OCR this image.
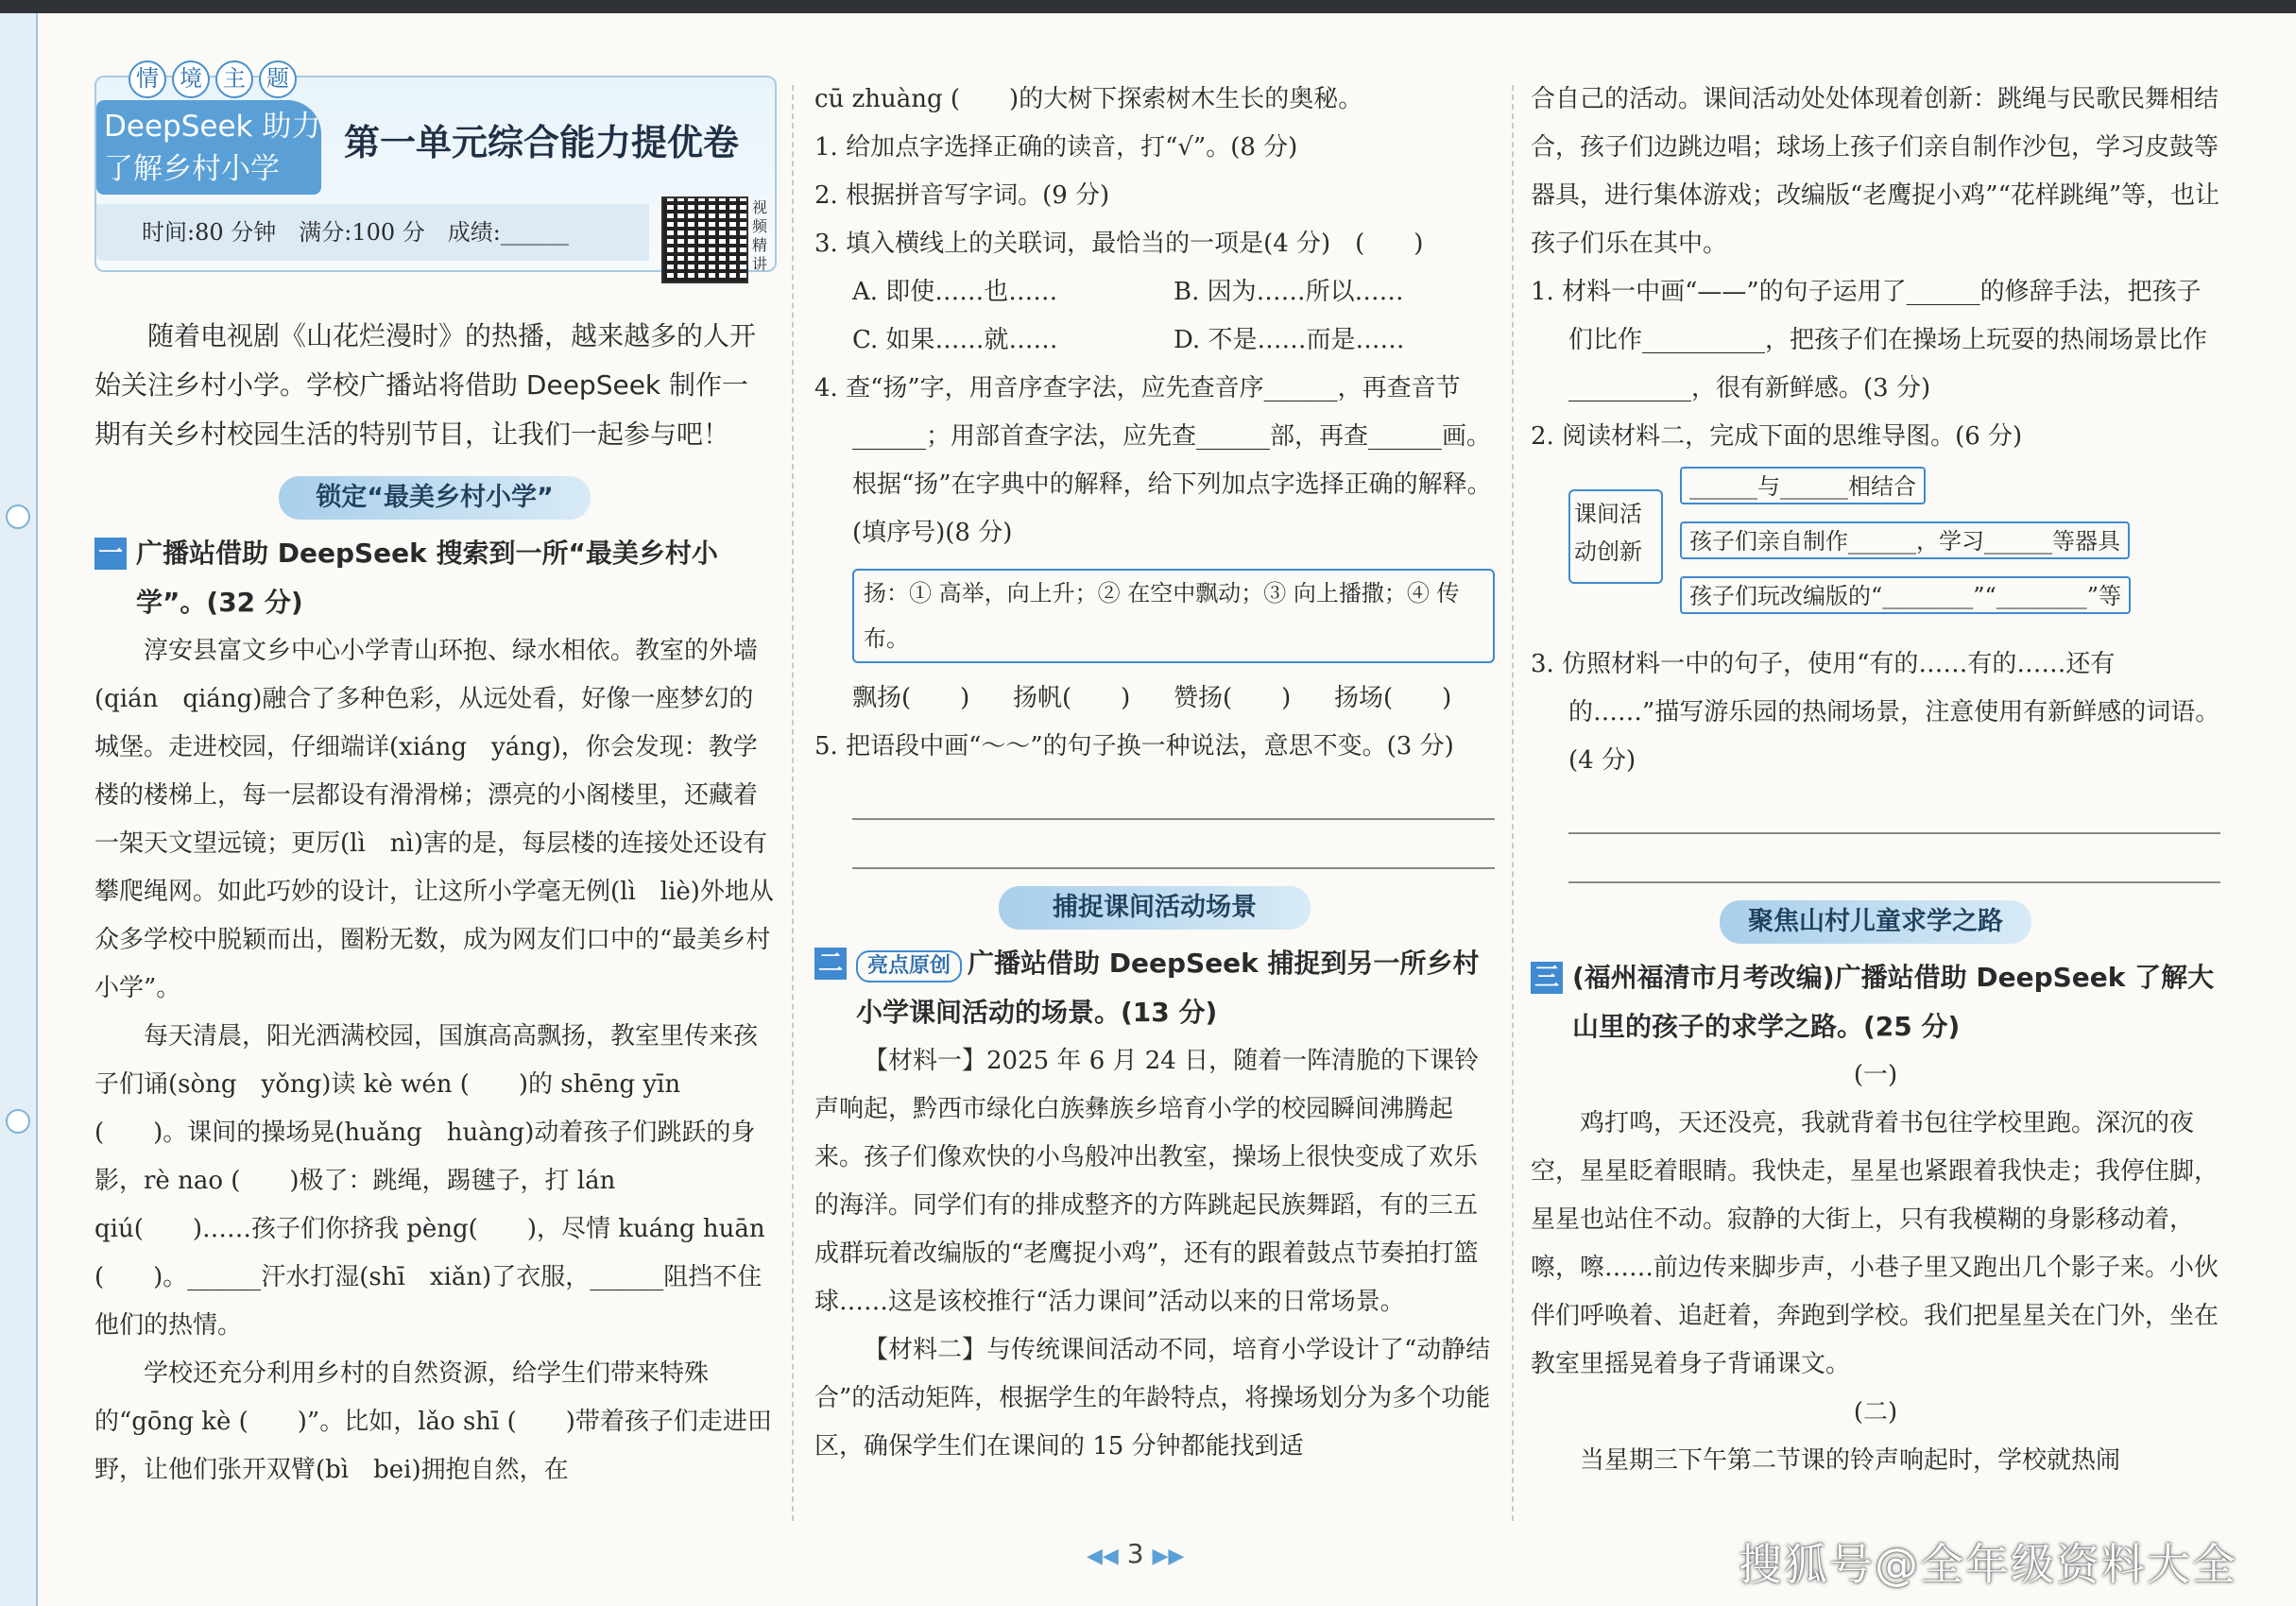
情 境 主 题
DeepSeek 助力
了解乡村小学
第一单元综合能力提优卷
时间:80 分钟　满分:100 分　成绩:______
视频精讲
随着电视剧《山花烂漫时》的热播，越来越多的人开始关注乡村小学。学校广播站将借助 DeepSeek 制作一期有关乡村校园生活的特别节目，让我们一起参与吧！
锁定“最美乡村小学”
一 广播站借助 DeepSeek 搜索到一所“最美乡村小学”。(32 分)
淳安县富文乡中心小学青山环抱、绿水相依。教室的外墙(qián　qiáng)融合了多种色彩，从远处看，好像一座梦幻的城堡。走进校园，仔细端详(xiáng　yáng)，你会发现：教学楼的楼梯上，每一层都设有滑滑梯；漂亮的小阁楼里，还藏着一架天文望远镜；更厉(lì　nì)害的是，每层楼的连接处还设有攀爬绳网。如此巧妙的设计，让这所小学毫无例(lì　liè)外地从众多学校中脱颖而出，圈粉无数，成为网友们口中的“最美乡村小学”。
每天清晨，阳光洒满校园，国旗高高飘扬，教室里传来孩子们诵(sòng　yǒng)读 kè wén (　　)的 shēng yīn (　　)。课间的操场晃(huǎng　huàng)动着孩子们跳跃的身影，rè nao (　　)极了：跳绳，踢毽子，打 lán qiú(　　)……孩子们你挤我 pèng(　　)，尽情 kuáng huān (　　)。______汗水打湿(shī　xiǎn)了衣服，______阻挡不住他们的热情。
学校还充分利用乡村的自然资源，给学生们带来特殊的“gōng kè (　　)”。比如，lǎo shī (　　)带着孩子们走进田野，让他们张开双臂(bì　bei)拥抱自然，在
cū zhuàng (　　)的大树下探索树木生长的奥秘。
1. 给加点字选择正确的读音，打“√”。(8 分)
2. 根据拼音写字词。(9 分)
3. 填入横线上的关联词，最恰当的一项是(4 分)　(　　)
A. 即使……也……	B. 因为……所以……
C. 如果……就……	D. 不是……而是……
4. 查“扬”字，用音序查字法，应先查音序______，再查音节______；用部首查字法，应先查______部，再查______画。根据“扬”在字典中的解释，给下列加点字选择正确的解释。(填序号)(8 分)
扬：① 高举，向上升；② 在空中飘动；③ 向上播撒；④ 传布。
飘扬(　　)	扬帆(　　)	赞扬(　　)	扬场(　　)
5. 把语段中画“～～”的句子换一种说法，意思不变。(3 分)
捕捉课间活动场景
二	亮点原创 广播站借助 DeepSeek 捕捉到另一所乡村小学课间活动的场景。(13 分)
【材料一】2025 年 6 月 24 日，随着一阵清脆的下课铃声响起，黔西市绿化白族彝族乡培育小学的校园瞬间沸腾起来。孩子们像欢快的小鸟般冲出教室，操场上很快变成了欢乐的海洋。同学们有的排成整齐的方阵跳起民族舞蹈，有的三五成群玩着改编版的“老鹰捉小鸡”，还有的跟着鼓点节奏拍打篮球……这是该校推行“活力课间”活动以来的日常场景。
【材料二】与传统课间活动不同，培育小学设计了“动静结合”的活动矩阵，根据学生的年龄特点，将操场划分为多个功能区，确保学生们在课间的 15 分钟都能找到适
合自己的活动。课间活动处处体现着创新：跳绳与民歌民舞相结合，孩子们边跳边唱；球场上孩子们亲自制作沙包，学习皮鼓等器具，进行集体游戏；改编版“老鹰捉小鸡”“花样跳绳”等，也让孩子们乐在其中。
1. 材料一中画“——”的句子运用了______的修辞手法，把孩子们比作__________，把孩子们在操场上玩耍的热闹场景比作__________，很有新鲜感。(3 分)
2. 阅读材料二，完成下面的思维导图。(6 分)
课间活动创新
______与______相结合
孩子们亲自制作______，学习______等器具
孩子们玩改编版的“________”“________”等
3. 仿照材料一中的句子，使用“有的……有的……还有的……”描写游乐园的热闹场景，注意使用有新鲜感的词语。(4 分)
聚焦山村儿童求学之路
三 (福州福清市月考改编)广播站借助 DeepSeek 了解大山里的孩子的求学之路。(25 分)
(一)
鸡打鸣，天还没亮，我就背着书包往学校里跑。深沉的夜空，星星眨着眼睛。我快走，星星也紧跟着我快走；我停住脚，星星也站住不动。寂静的大街上，只有我模糊的身影移动着，嚓，嚓……前边传来脚步声，小巷子里又跑出几个影子来。小伙伴们呼唤着、追赶着，奔跑到学校。我们把星星关在门外，坐在教室里摇晃着身子背诵课文。
(二)
当星期三下午第二节课的铃声响起时，学校就热闹
◀◀ 3 ▶▶	搜狐号@全年级资料大全
